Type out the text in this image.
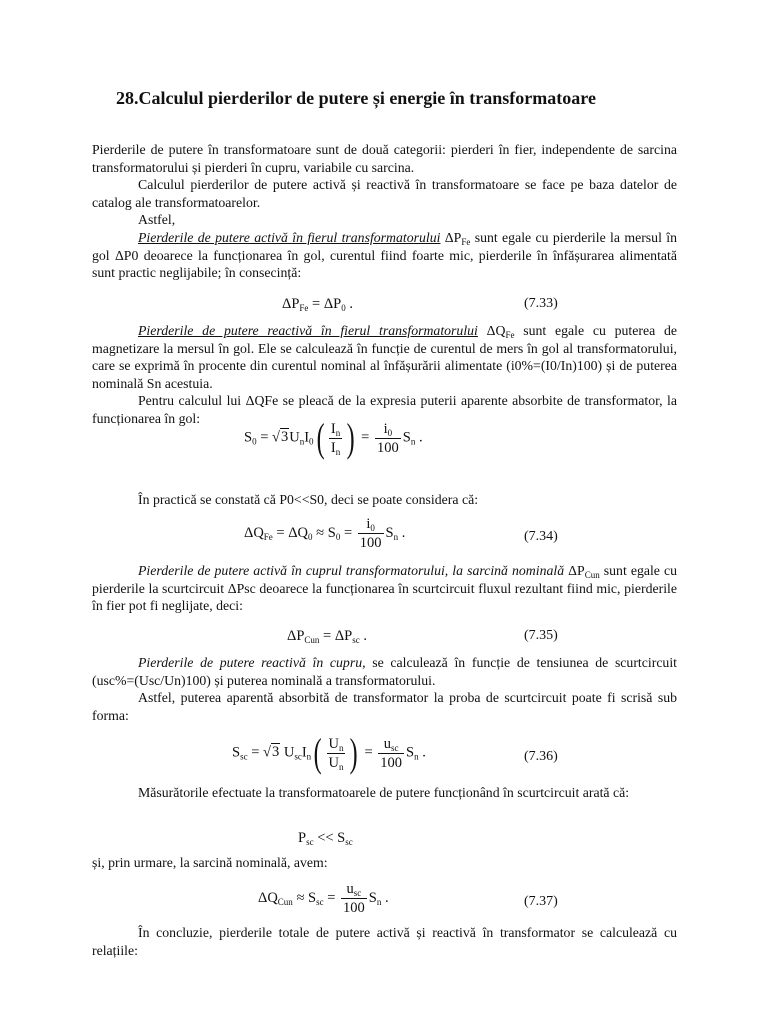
28.Calculul pierderilor de putere și energie în transformatoare

Pierderile de putere în transformatoare sunt de două categorii: pierderi în fier, independente de sarcina transformatorului și pierderi în cupru, variabile cu sarcina.

Calculul pierderilor de putere activă și reactivă în transformatoare se face pe baza datelor de catalog ale transformatoarelor.

Astfel,

Pierderile de putere activă în fierul transformatorului $\Delta P_{Fe}$ sunt egale cu pierderile la mersul în gol ΔP0 deoarece la funcționarea în gol, curentul fiind foarte mic, pierderile în înfășurarea alimentată sunt practic neglijabile; în consecință:

$\Delta P_{Fe} = \Delta P_0$ .	(7.33)

Pierderile de putere reactivă în fierul transformatorului $\Delta Q_{Fe}$ sunt egale cu puterea de magnetizare la mersul în gol. Ele se calculează în funcție de curentul de mers în gol al transformatorului, care se exprimă în procente din curentul nominal al înfășurării alimentate (i0%=(I0/In)100) și de puterea nominală Sn acestuia.

Pentru calculul lui ΔQFe se pleacă de la expresia puterii aparente absorbite de transformator, la funcționarea în gol:

$S_0 = √3U_nI_0( \frac{I_n}{I_n}$ ) = $\frac{i_0}{100} S_n$ .

În practică se constată că P0<<S0, deci se poate considera că:

$\Delta Q_{Fe} = \Delta Q_0 \approx S_0 = \frac{i_0}{100} S_n$ .	(7.34)

Pierderile de putere activă în cuprul transformatorului, la sarcină nominală $\Delta P_{Cun}$ sunt egale cu pierderile la scurtcircuit ΔPsc deoarece la funcționarea în scurtcircuit fluxul rezultant fiind mic, pierderile în fier pot fi neglijate, deci:

$\Delta P_{Cun} = \Delta P_{sc}$ .	(7.35)

Pierderile de putere reactivă în cupru, se calculează în funcție de tensiunea de scurtcircuit (usc%=(Usc/Un)100) și puterea nominală a transformatorului.

Astfel, puterea aparentă absorbită de transformator la proba de scurtcircuit poate fi scrisă sub forma:

$S_{sc} = √3$ $U_{sc}I_n( \frac{U_n}{U_n}$ ) = $\frac{u_{sc}}{100} S_n$ .	(7.36)

Măsurătorile efectuate la transformatoarele de putere funcționând în scurtcircuit arată că:

$P_{sc} << S_{sc}$

și, prin urmare, la sarcină nominală, avem:

$\Delta Q_{Cun} \approx S_{sc} = \frac{u_{sc}}{100} S_n$ .	(7.37)

În concluzie, pierderile totale de putere activă și reactivă în transformator se calculează cu relațiile:
